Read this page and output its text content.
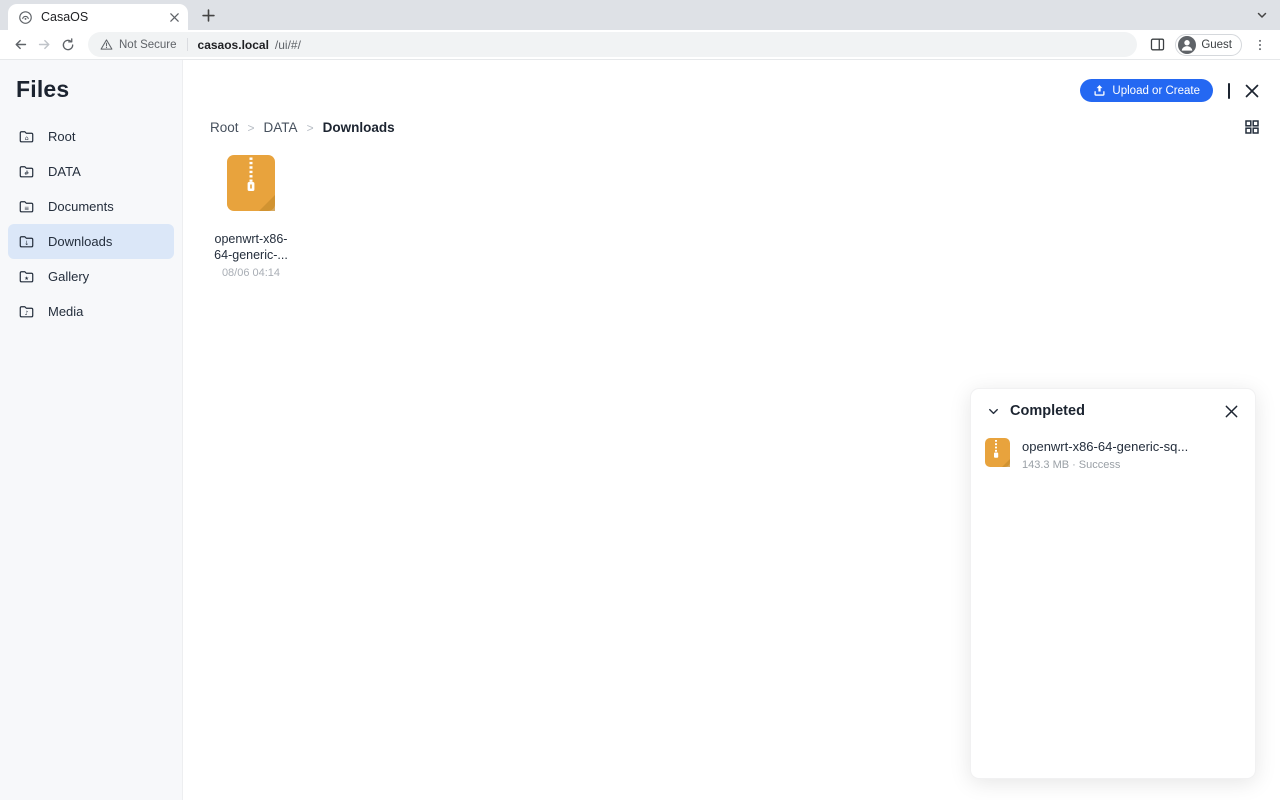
CasaOS
Not Secure casaos.local /ui/#/	Guest
Files
⌂ Root
# DATA
≡ Documents
↓ Downloads
★ Gallery
♪ Media
Upload or Create
Root > DATA > Downloads
openwrt-x86-
64-generic-...
08/06 04:14
Completed
openwrt-x86-64-generic-sq...
143.3 MB · Success
